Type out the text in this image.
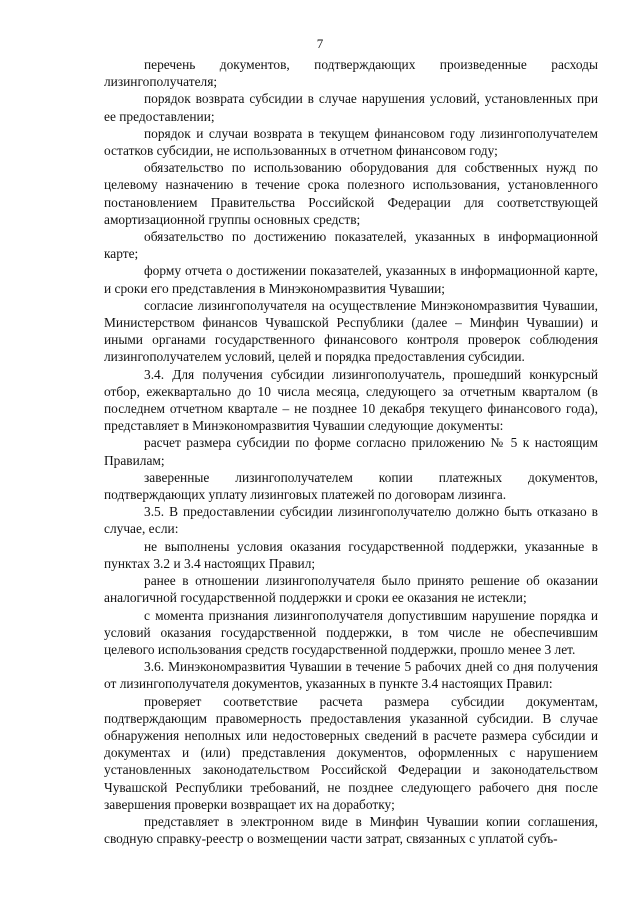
7

перечень документов, подтверждающих произведенные расходы лизингополучателя;

порядок возврата субсидии в случае нарушения условий, установленных при ее предоставлении;

порядок и случаи возврата в текущем финансовом году лизингополучателем остатков субсидии, не использованных в отчетном финансовом году;

обязательство по использованию оборудования для собственных нужд по целевому назначению в течение срока полезного использования, установленного постановлением Правительства Российской Федерации для соответствующей амортизационной группы основных средств;

обязательство по достижению показателей, указанных в информационной карте;

форму отчета о достижении показателей, указанных в информационной карте, и сроки его представления в Минэкономразвития Чувашии;

согласие лизингополучателя на осуществление Минэкономразвития Чувашии, Министерством финансов Чувашской Республики (далее – Минфин Чувашии) и иными органами государственного финансового контроля проверок соблюдения лизингополучателем условий, целей и порядка предоставления субсидии.

3.4. Для получения субсидии лизингополучатель, прошедший конкурсный отбор, ежеквартально до 10 числа месяца, следующего за отчетным кварталом (в последнем отчетном квартале – не позднее 10 декабря текущего финансового года), представляет в Минэкономразвития Чувашии следующие документы:

расчет размера субсидии по форме согласно приложению № 5 к настоящим Правилам;

заверенные лизингополучателем копии платежных документов, подтверждающих уплату лизинговых платежей по договорам лизинга.

3.5. В предоставлении субсидии лизингополучателю должно быть отказано в случае, если:

не выполнены условия оказания государственной поддержки, указанные в пунктах 3.2 и 3.4 настоящих Правил;

ранее в отношении лизингополучателя было принято решение об оказании аналогичной государственной поддержки и сроки ее оказания не истекли;

с момента признания лизингополучателя допустившим нарушение порядка и условий оказания государственной поддержки, в том числе не обеспечившим целевого использования средств государственной поддержки, прошло менее 3 лет.

3.6. Минэкономразвития Чувашии в течение 5 рабочих дней со дня получения от лизингополучателя документов, указанных в пункте 3.4 настоящих Правил:

проверяет соответствие расчета размера субсидии документам, подтверждающим правомерность предоставления указанной субсидии. В случае обнаружения неполных или недостоверных сведений в расчете размера субсидии и документах и (или) представления документов, оформленных с нарушением установленных законодательством Российской Федерации и законодательством Чувашской Республики требований, не позднее следующего рабочего дня после завершения проверки возвращает их на доработку;

представляет в электронном виде в Минфин Чувашии копии соглашения, сводную справку-реестр о возмещении части затрат, связанных с уплатой субъ-
